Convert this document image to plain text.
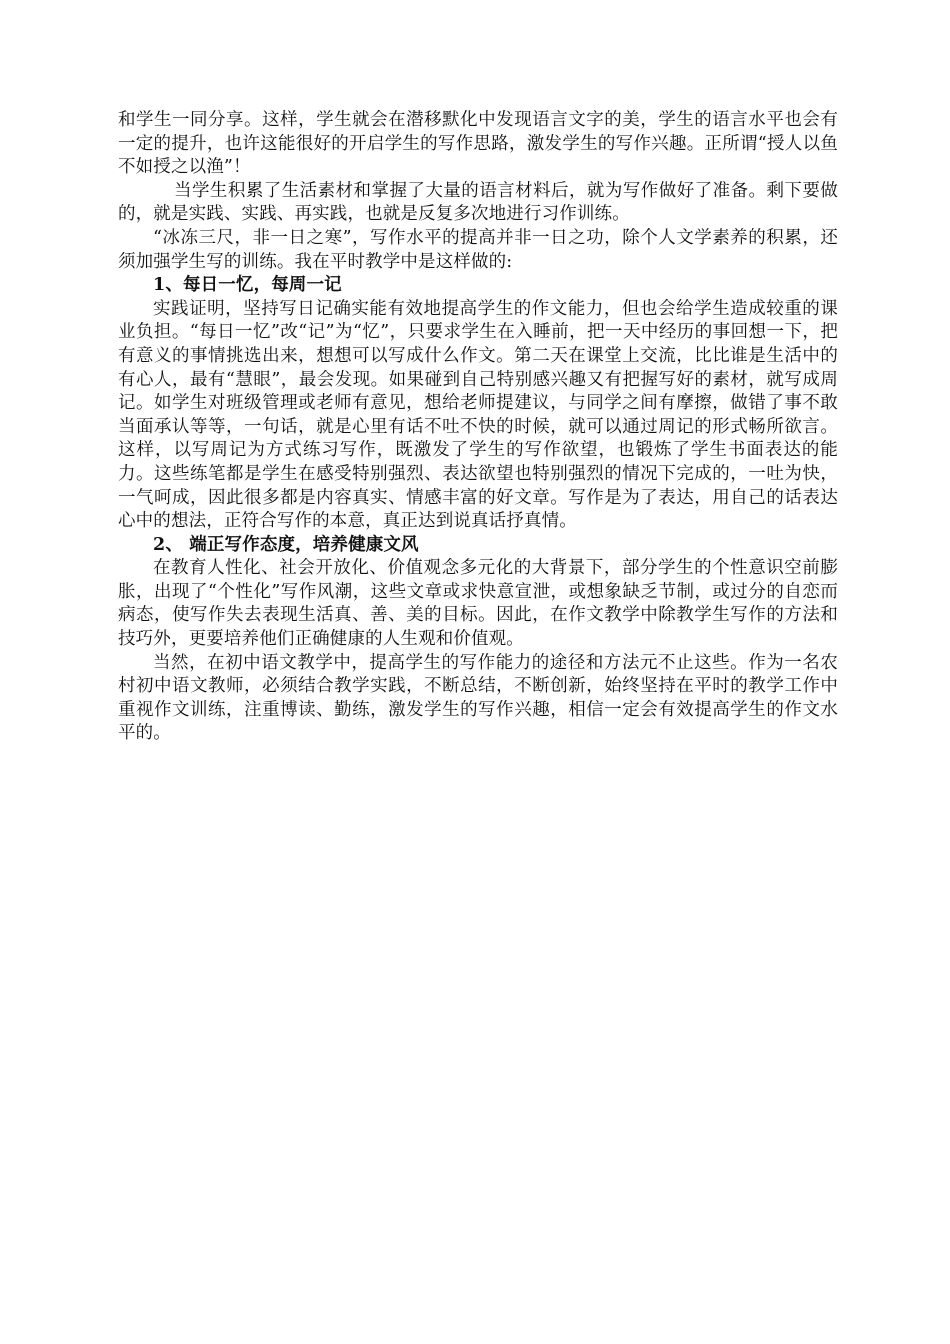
和学生一同分享。这样，学生就会在潜移默化中发现语言文字的美，学生的语言水平也会有一定的提升，也许这能很好的开启学生的写作思路，激发学生的写作兴趣。正所谓“授人以鱼不如授之以渔”！

当学生积累了生活素材和掌握了大量的语言材料后，就为写作做好了准备。剩下要做的，就是实践、实践、再实践，也就是反复多次地进行习作训练。

“冰冻三尺，非一日之寒”，写作水平的提高并非一日之功，除个人文学素养的积累，还须加强学生写的训练。我在平时教学中是这样做的:

1、每日一忆，每周一记

实践证明，坚持写日记确实能有效地提高学生的作文能力，但也会给学生造成较重的课业负担。“每日一忆”改“记”为“忆”，只要求学生在入睡前，把一天中经历的事回想一下，把有意义的事情挑选出来，想想可以写成什么作文。第二天在课堂上交流，比比谁是生活中的有心人，最有“慧眼”，最会发现。如果碰到自己特别感兴趣又有把握写好的素材，就写成周记。如学生对班级管理或老师有意见，想给老师提建议，与同学之间有摩擦，做错了事不敢当面承认等等，一句话，就是心里有话不吐不快的时候，就可以通过周记的形式畅所欲言。这样，以写周记为方式练习写作，既激发了学生的写作欲望，也锻炼了学生书面表达的能力。这些练笔都是学生在感受特别强烈、表达欲望也特别强烈的情况下完成的，一吐为快，一气呵成，因此很多都是内容真实、情感丰富的好文章。写作是为了表达，用自己的话表达心中的想法，正符合写作的本意，真正达到说真话抒真情。

2、 端正写作态度，培养健康文风

在教育人性化、社会开放化、价值观念多元化的大背景下，部分学生的个性意识空前膨胀，出现了“个性化”写作风潮，这些文章或求快意宣泄，或想象缺乏节制，或过分的自恋而病态，使写作失去表现生活真、善、美的目标。因此，在作文教学中除教学生写作的方法和技巧外，更要培养他们正确健康的人生观和价值观。

当然，在初中语文教学中，提高学生的写作能力的途径和方法元不止这些。作为一名农村初中语文教师，必须结合教学实践，不断总结，不断创新，始终坚持在平时的教学工作中重视作文训练，注重博读、勤练，激发学生的写作兴趣，相信一定会有效提高学生的作文水平的。
